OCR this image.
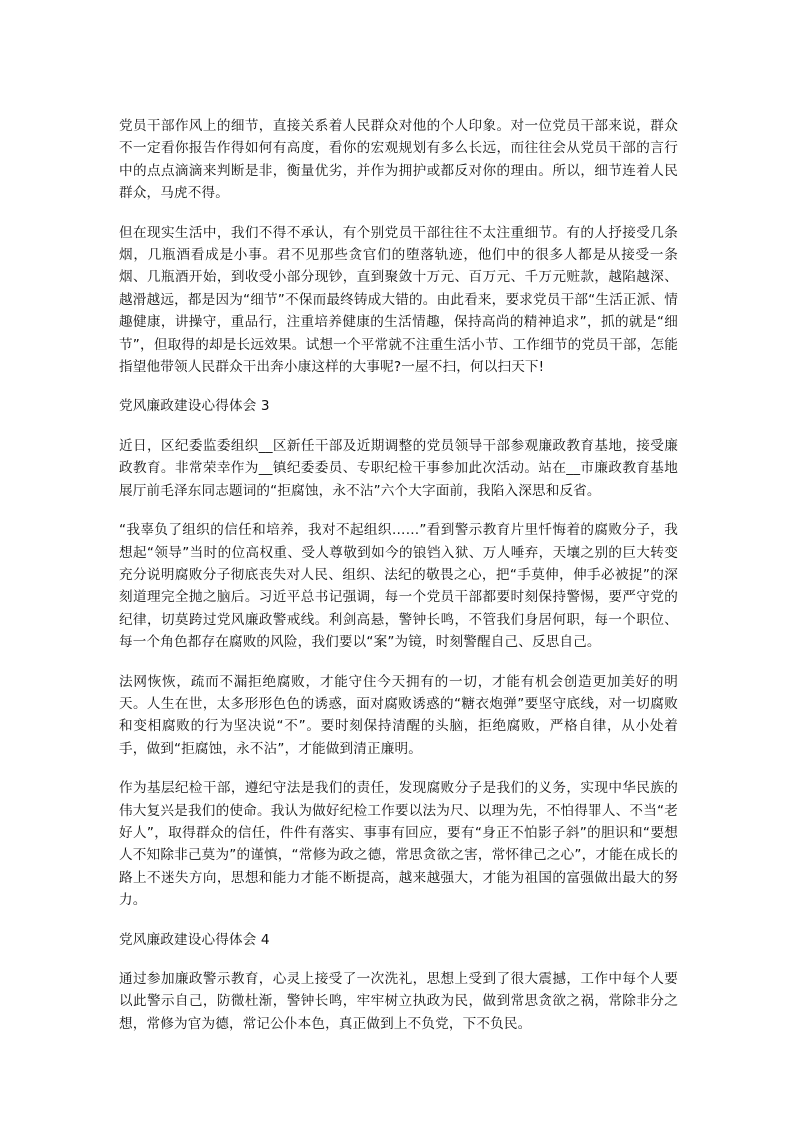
党员干部作风上的细节，直接关系着人民群众对他的个人印象。对一位党员干部来说，群众不一定看你报告作得如何有高度，看你的宏观规划有多么长远，而往往会从党员干部的言行中的点点滴滴来判断是非，衡量优劣，并作为拥护或都反对你的理由。所以，细节连着人民群众，马虎不得。

但在现实生活中，我们不得不承认，有个别党员干部往往不太注重细节。有的人抒接受几条烟，几瓶酒看成是小事。君不见那些贪官们的堕落轨迹，他们中的很多人都是从接受一条烟、几瓶酒开始，到收受小部分现钞，直到聚敛十万元、百万元、千万元赃款，越陷越深、越滑越远，都是因为“细节”不保而最终铸成大错的。由此看来，要求党员干部“生活正派、情趣健康，讲操守，重品行，注重培养健康的生活情趣，保持高尚的精神追求”，抓的就是“细节”，但取得的却是长远效果。试想一个平常就不注重生活小节、工作细节的党员干部，怎能指望他带领人民群众干出奔小康这样的大事呢?一屋不扫，何以扫天下!

党风廉政建设心得体会 3

近日，区纪委监委组织__区新任干部及近期调整的党员领导干部参观廉政教育基地，接受廉政教育。非常荣幸作为__镇纪委委员、专职纪检干事参加此次活动。站在__市廉政教育基地展厅前毛泽东同志题词的“拒腐蚀，永不沾”六个大字面前，我陷入深思和反省。

“我辜负了组织的信任和培养，我对不起组织……”看到警示教育片里忏悔着的腐败分子，我想起“领导”当时的位高权重、受人尊敬到如今的锒铛入狱、万人唾弃，天壤之别的巨大转变充分说明腐败分子彻底丧失对人民、组织、法纪的敬畏之心，把“手莫伸，伸手必被捉”的深刻道理完全抛之脑后。习近平总书记强调，每一个党员干部都要时刻保持警惕，要严守党的纪律，切莫跨过党风廉政警戒线。利剑高悬，警钟长鸣，不管我们身居何职，每一个职位、每一个角色都存在腐败的风险，我们要以“案”为镜，时刻警醒自己、反思自己。

法网恢恢，疏而不漏拒绝腐败，才能守住今天拥有的一切，才能有机会创造更加美好的明天。人生在世，太多形形色色的诱惑，面对腐败诱惑的“糖衣炮弹”要坚守底线，对一切腐败和变相腐败的行为坚决说“不”。要时刻保持清醒的头脑，拒绝腐败，严格自律，从小处着手，做到“拒腐蚀，永不沾”，才能做到清正廉明。

作为基层纪检干部，遵纪守法是我们的责任，发现腐败分子是我们的义务，实现中华民族的伟大复兴是我们的使命。我认为做好纪检工作要以法为尺、以理为先，不怕得罪人、不当“老好人”，取得群众的信任，件件有落实、事事有回应，要有“身正不怕影子斜”的胆识和“要想人不知除非己莫为”的谨慎，“常修为政之德，常思贪欲之害，常怀律己之心”，才能在成长的路上不迷失方向，思想和能力才能不断提高，越来越强大，才能为祖国的富强做出最大的努力。

党风廉政建设心得体会 4

通过参加廉政警示教育，心灵上接受了一次洗礼，思想上受到了很大震撼，工作中每个人要以此警示自己，防微杜渐，警钟长鸣，牢牢树立执政为民，做到常思贪欲之祸，常除非分之想，常修为官为德，常记公仆本色，真正做到上不负党，下不负民。
